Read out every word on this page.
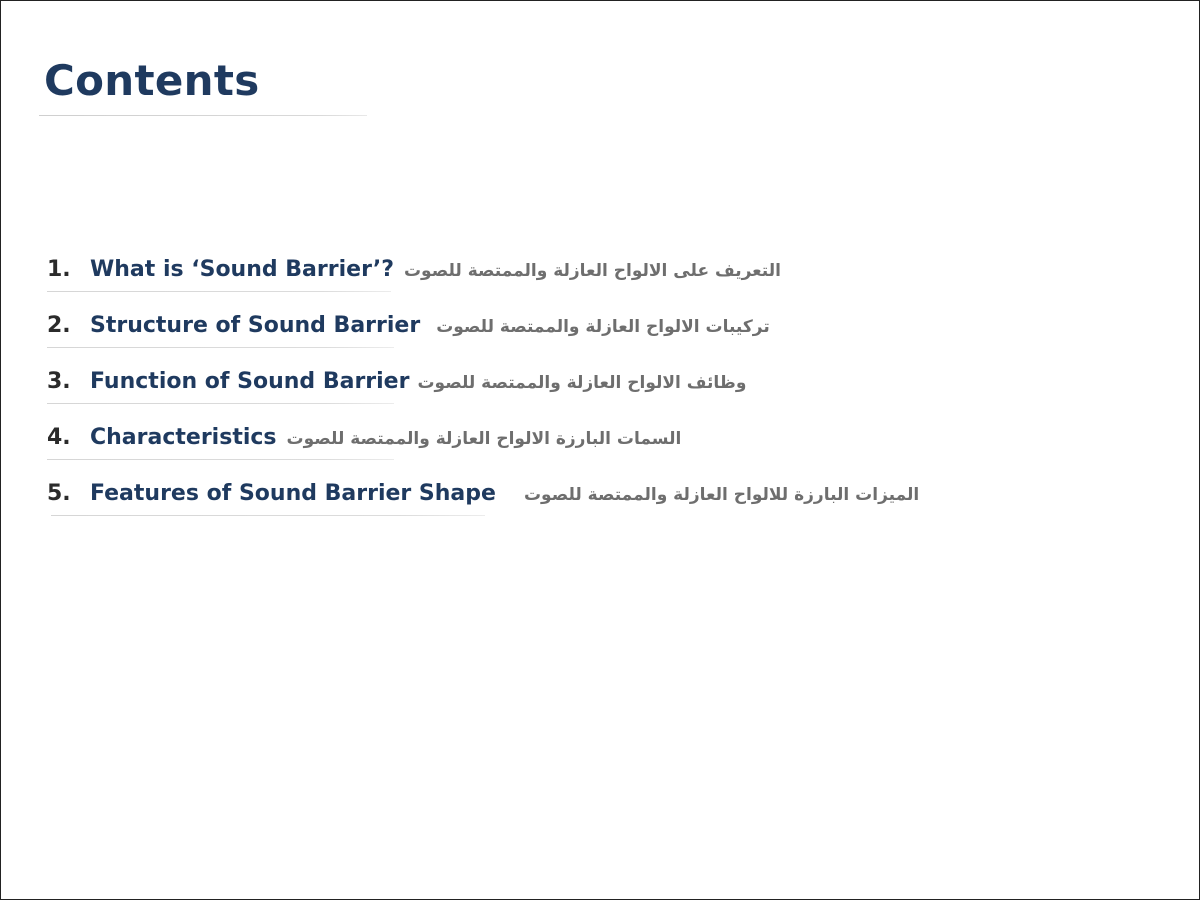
Contents
1. What is ‘Sound Barrier’? التعريف على الالواح العازلة والممتصة للصوت
2. Structure of Sound Barrier تركيبات الالواح العازلة والممتصة للصوت
3. Function of Sound Barrier وظائف الالواح العازلة والممتصة للصوت
4. Characteristics السمات البارزة الالواح العازلة والممتصة للصوت
5. Features of Sound Barrier Shape الميزات البارزة للالواح العازلة والممتصة للصوت
